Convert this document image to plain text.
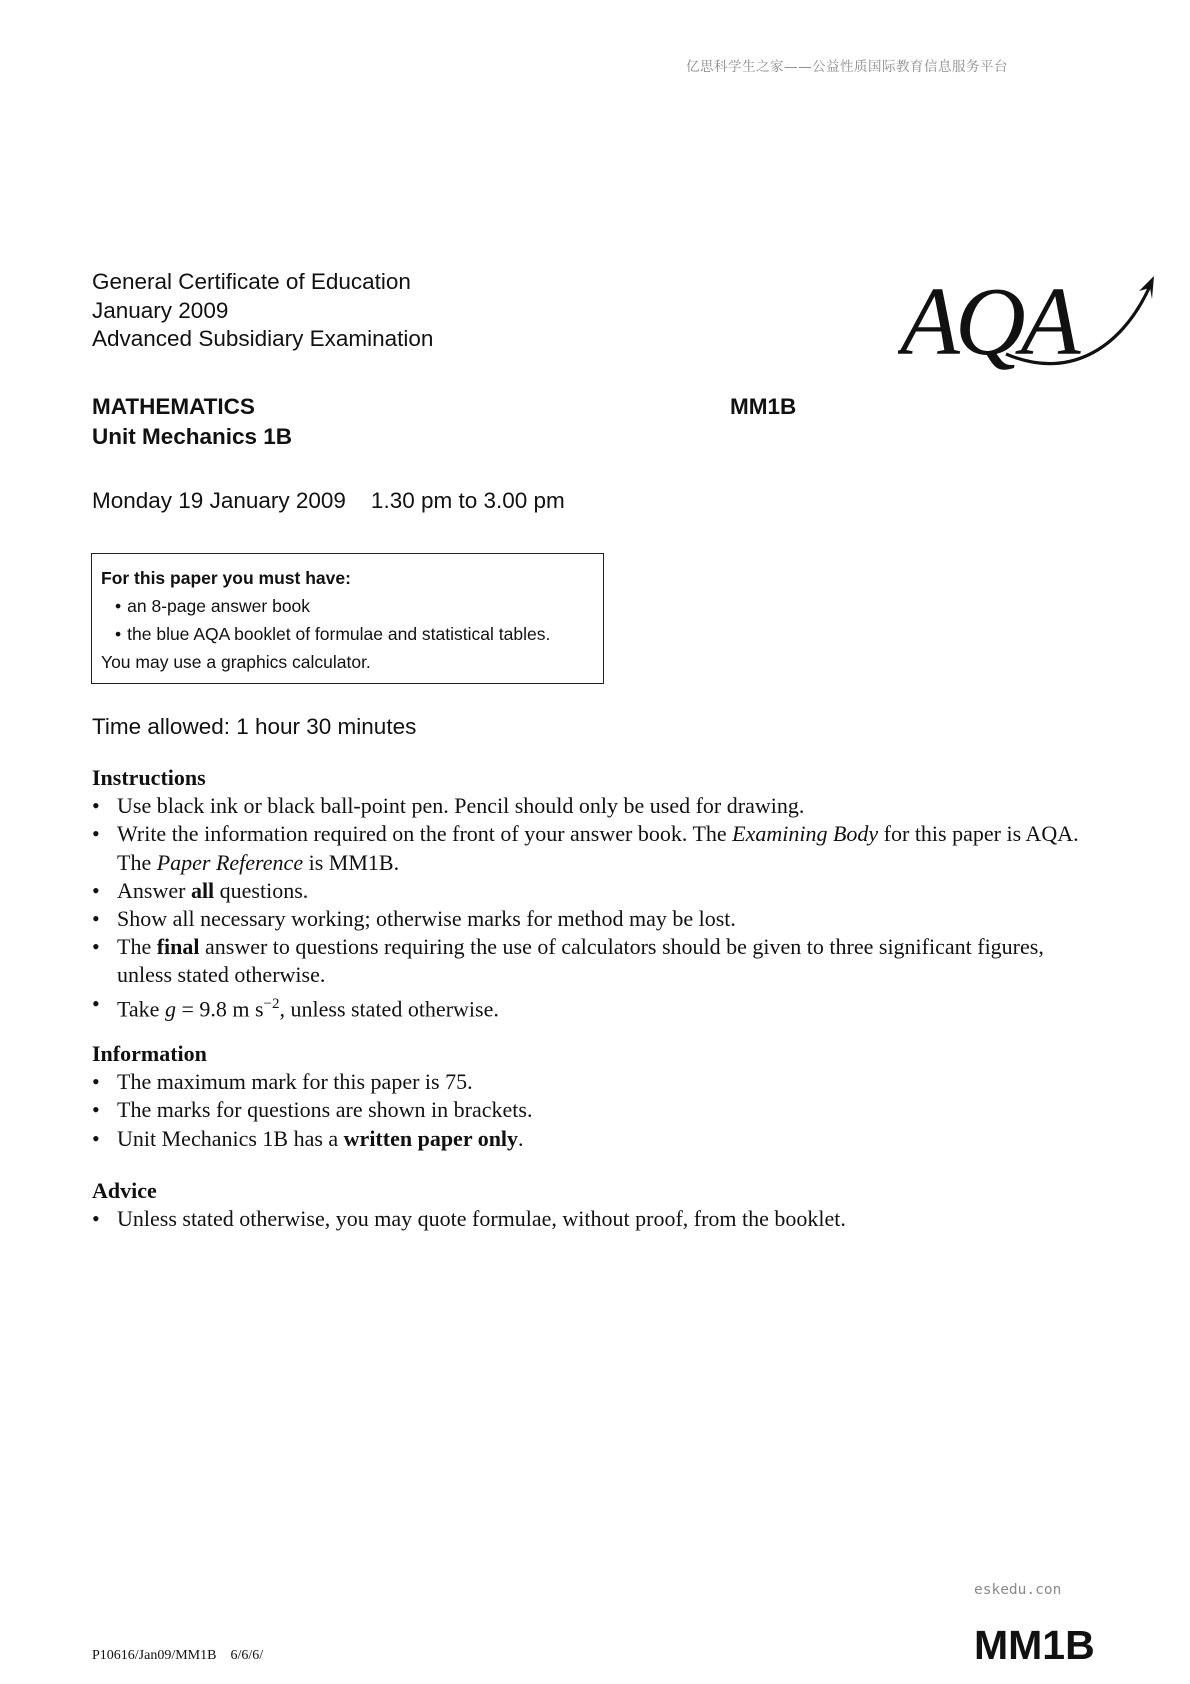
亿思科学生之家——公益性质国际教育信息服务平台
General Certificate of Education
January 2009
Advanced Subsidiary Examination	AQA
MATHEMATICS
Unit Mechanics 1B
MM1B
Monday 19 January 2009    1.30 pm to 3.00 pm
For this paper you must have:
• an 8-page answer book
• the blue AQA booklet of formulae and statistical tables.
You may use a graphics calculator.
Time allowed: 1 hour 30 minutes
Instructions
• Use black ink or black ball-point pen. Pencil should only be used for drawing.
• Write the information required on the front of your answer book. The Examining Body for this paper is AQA. The Paper Reference is MM1B.
• Answer all questions.
• Show all necessary working; otherwise marks for method may be lost.
• The final answer to questions requiring the use of calculators should be given to three significant figures, unless stated otherwise.
• Take g = 9.8 m $s^{-2}$, unless stated otherwise.
Information
• The maximum mark for this paper is 75.
• The marks for questions are shown in brackets.
• Unit Mechanics 1B has a written paper only.
Advice
• Unless stated otherwise, you may quote formulae, without proof, from the booklet.
eskedu.con
P10616/Jan09/MM1B    6/6/6/	MM1B
